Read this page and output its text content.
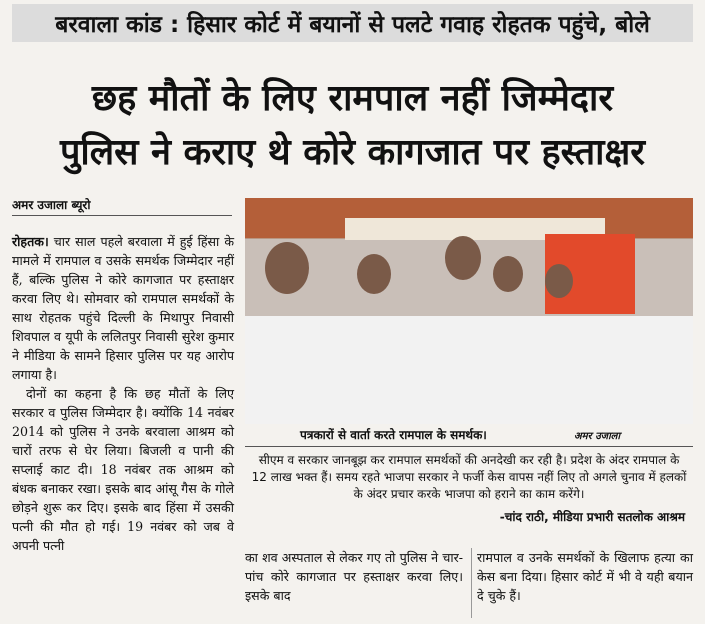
बरवाला कांड : हिसार कोर्ट में बयानों से पलटे गवाह रोहतक पहुंचे, बोले
छह मौतों के लिए रामपाल नहीं जिम्मेदार
पुलिस ने कराए थे कोरे कागजात पर हस्ताक्षर
अमर उजाला ब्यूरो

रोहतक। चार साल पहले बरवाला में हुई हिंसा के मामले में रामपाल व उसके समर्थक जिम्मेदार नहीं हैं, बल्कि पुलिस ने कोरे कागजात पर हस्ताक्षर करवा लिए थे। सोमवार को रामपाल समर्थकों के साथ रोहतक पहुंचे दिल्ली के मिथापुर निवासी शिवपाल व यूपी के ललितपुर निवासी सुरेश कुमार ने मीडिया के सामने हिसार पुलिस पर यह आरोप लगाया है।

दोनों का कहना है कि छह मौतों के लिए सरकार व पुलिस जिम्मेदार है। क्योंकि 14 नवंबर 2014 को पुलिस ने उनके बरवाला आश्रम को चारों तरफ से घेर लिया। बिजली व पानी की सप्लाई काट दी। 18 नवंबर तक आश्रम को बंधक बनाकर रखा। इसके बाद आंसू गैस के गोले छोड़ने शुरू कर दिए। इसके बाद हिंसा में उसकी पत्नी की मौत हो गई। 19 नवंबर को जब वे अपनी पत्नी

पत्रकारों से वार्ता करते रामपाल के समर्थक।	अमर उजाला
सीएम व सरकार जानबूझ कर रामपाल समर्थकों की अनदेखी कर रही है। प्रदेश के अंदर रामपाल के 12 लाख भक्त हैं। समय रहते भाजपा सरकार ने फर्जी केस वापस नहीं लिए तो अगले चुनाव में हलकों के अंदर प्रचार करके भाजपा को हराने का काम करेंगे।
-चांद राठी, मीडिया प्रभारी सतलोक आश्रम
का शव अस्पताल से लेकर गए तो पुलिस ने चार-पांच कोरे कागजात पर हस्ताक्षर करवा लिए। इसके बाद
रामपाल व उनके समर्थकों के खिलाफ हत्या का केस बना दिया। हिसार कोर्ट में भी वे यही बयान दे चुके हैं।
